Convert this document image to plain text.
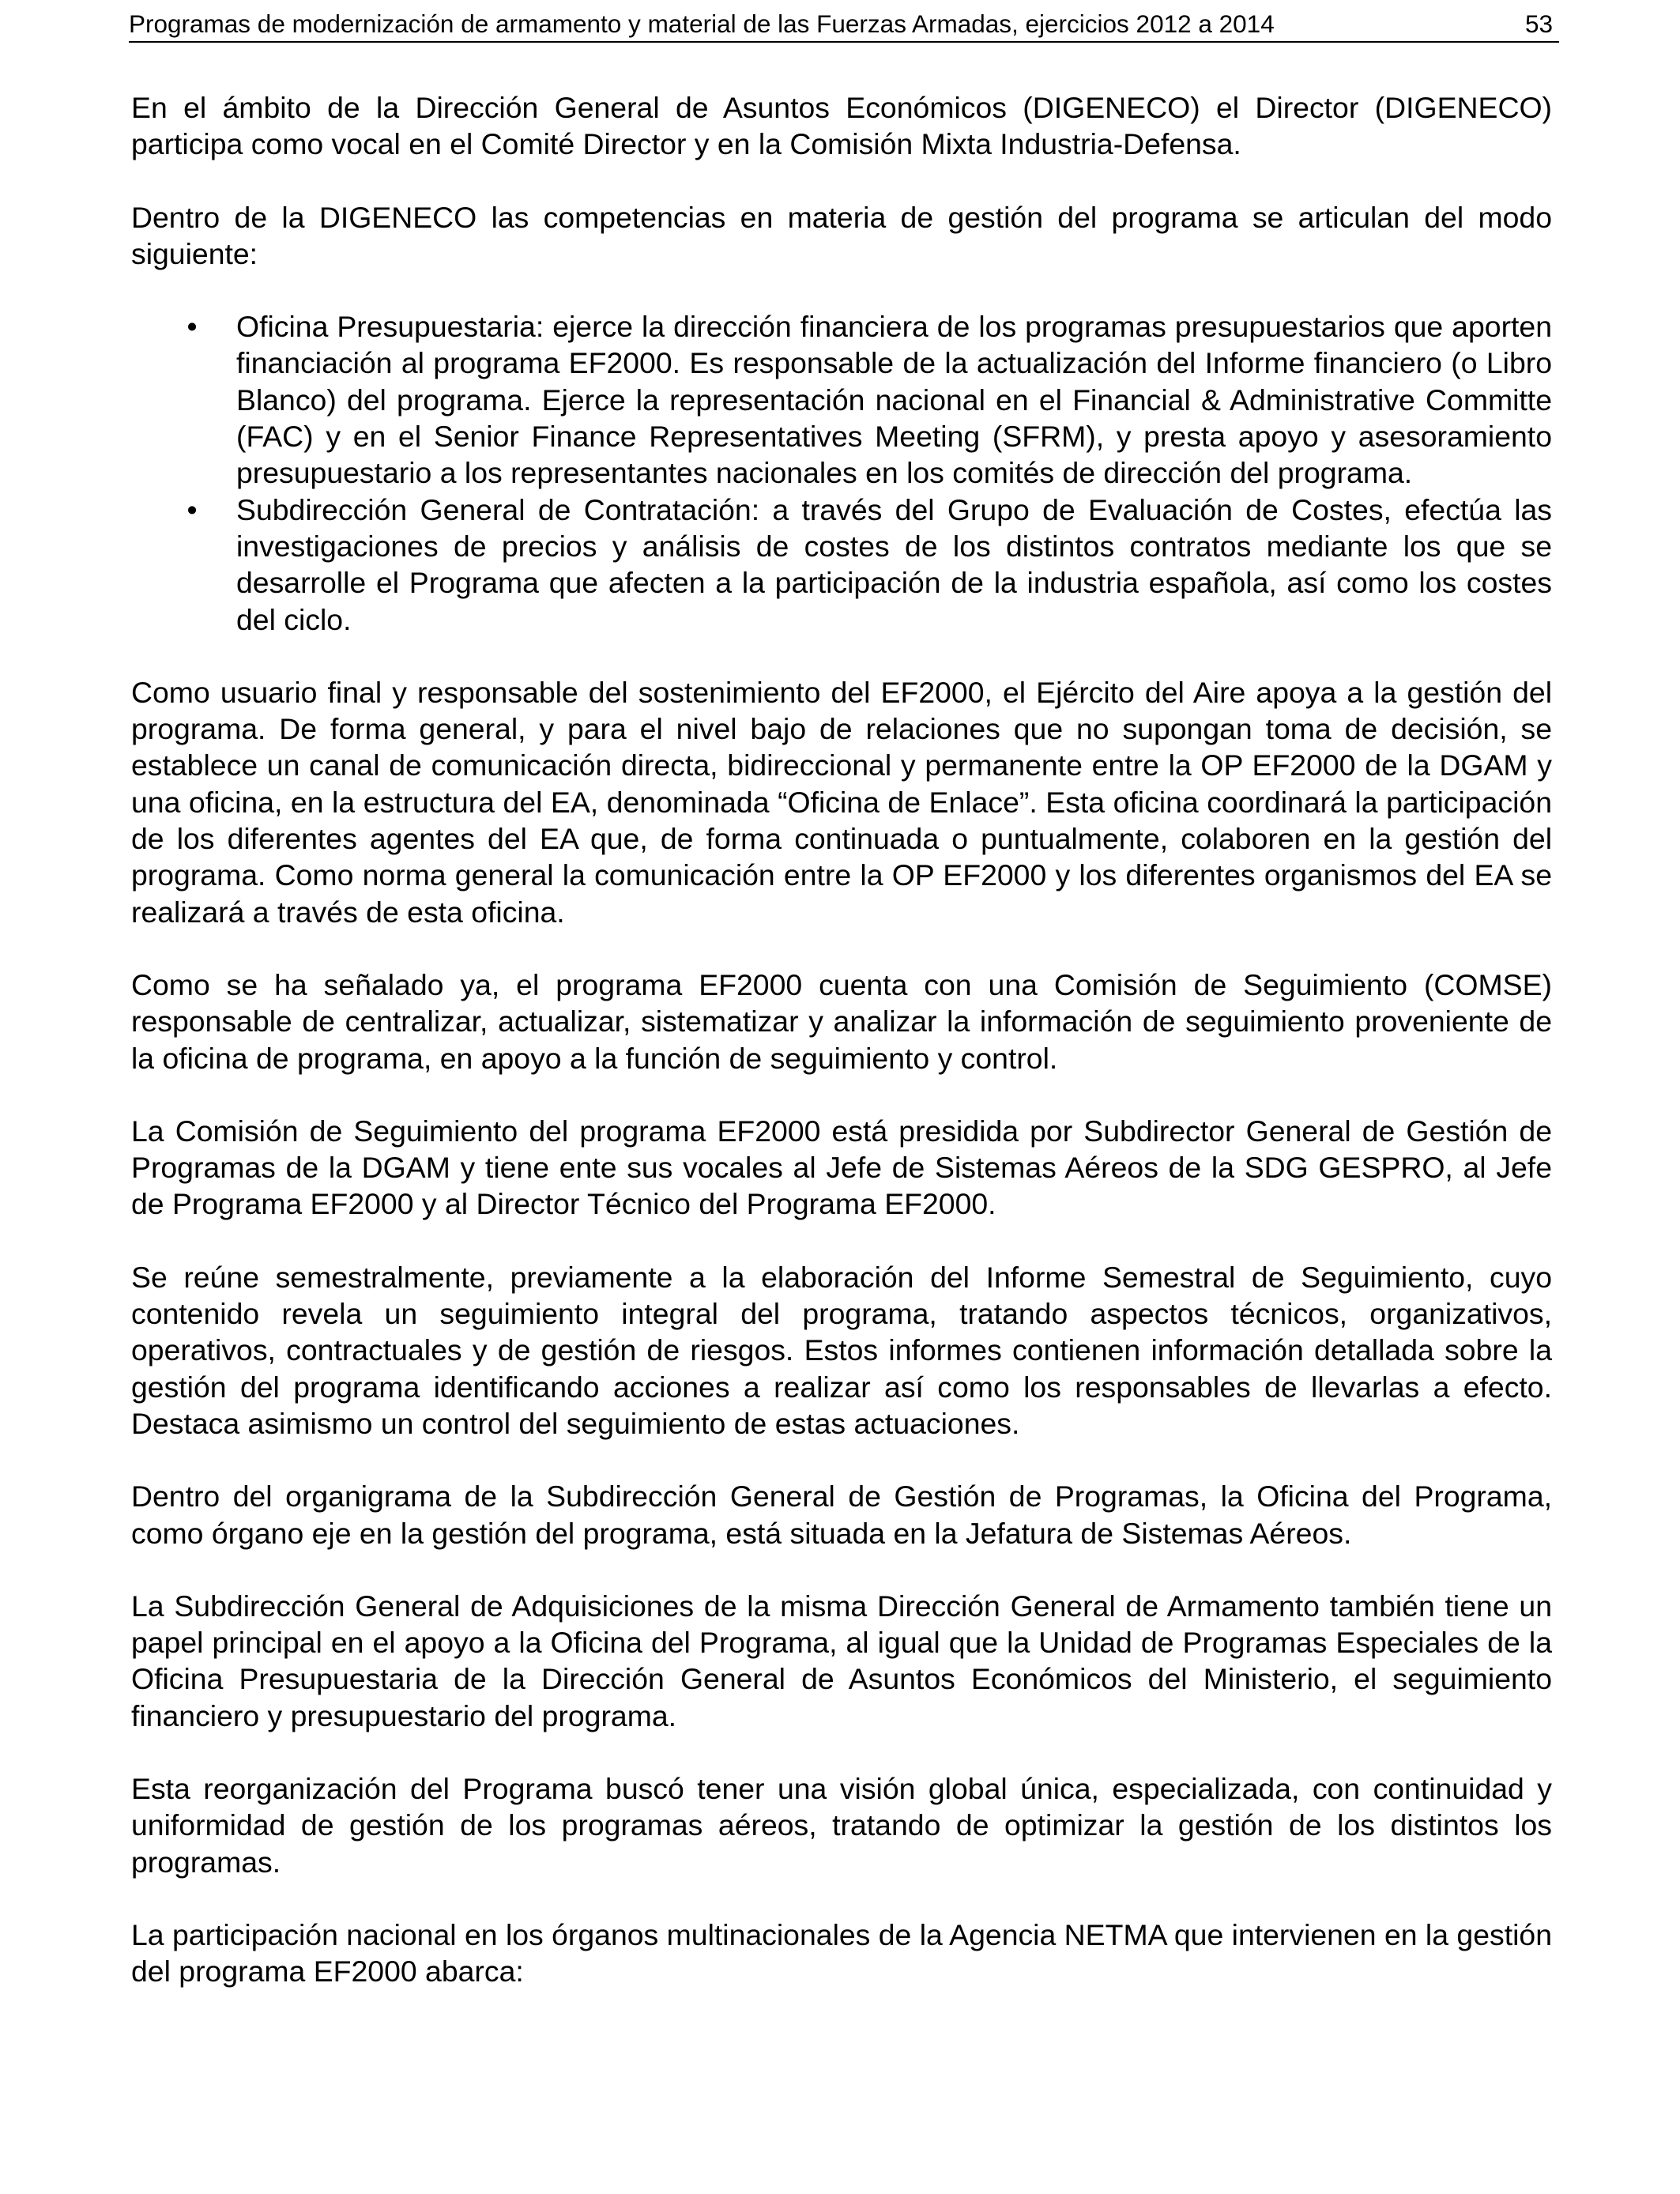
Programas de modernización de armamento y material de las Fuerzas Armadas, ejercicios 2012 a 2014	53

En el ámbito de la Dirección General de Asuntos Económicos (DIGENECO) el Director (DIGENECO) participa como vocal en el Comité Director y en la Comisión Mixta Industria-Defensa.

Dentro de la DIGENECO las competencias en materia de gestión del programa se articulan del modo siguiente:

• Oficina Presupuestaria: ejerce la dirección financiera de los programas presupuestarios que aporten financiación al programa EF2000. Es responsable de la actualización del Informe financiero (o Libro Blanco) del programa. Ejerce la representación nacional en el Financial & Administrative Committe (FAC) y en el Senior Finance Representatives Meeting (SFRM), y presta apoyo y asesoramiento presupuestario a los representantes nacionales en los comités de dirección del programa.
• Subdirección General de Contratación: a través del Grupo de Evaluación de Costes, efectúa las investigaciones de precios y análisis de costes de los distintos contratos mediante los que se desarrolle el Programa que afecten a la participación de la industria española, así como los costes del ciclo.

Como usuario final y responsable del sostenimiento del EF2000, el Ejército del Aire apoya a la gestión del programa. De forma general, y para el nivel bajo de relaciones que no supongan toma de decisión, se establece un canal de comunicación directa, bidireccional y permanente entre la OP EF2000 de la DGAM y una oficina, en la estructura del EA, denominada “Oficina de Enlace”. Esta oficina coordinará la participación de los diferentes agentes del EA que, de forma continuada o puntualmente, colaboren en la gestión del programa. Como norma general la comunicación entre la OP EF2000 y los diferentes organismos del EA se realizará a través de esta oficina.

Como se ha señalado ya, el programa EF2000 cuenta con una Comisión de Seguimiento (COMSE) responsable de centralizar, actualizar, sistematizar y analizar la información de seguimiento proveniente de la oficina de programa, en apoyo a la función de seguimiento y control.

La Comisión de Seguimiento del programa EF2000 está presidida por Subdirector General de Gestión de Programas de la DGAM y tiene ente sus vocales al Jefe de Sistemas Aéreos de la SDG GESPRO, al Jefe de Programa EF2000 y al Director Técnico del Programa EF2000.

Se reúne semestralmente, previamente a la elaboración del Informe Semestral de Seguimiento, cuyo contenido revela un seguimiento integral del programa, tratando aspectos técnicos, organizativos, operativos, contractuales y de gestión de riesgos. Estos informes contienen información detallada sobre la gestión del programa identificando acciones a realizar así como los responsables de llevarlas a efecto. Destaca asimismo un control del seguimiento de estas actuaciones.

Dentro del organigrama de la Subdirección General de Gestión de Programas, la Oficina del Programa, como órgano eje en la gestión del programa, está situada en la Jefatura de Sistemas Aéreos.

La Subdirección General de Adquisiciones de la misma Dirección General de Armamento también tiene un papel principal en el apoyo a la Oficina del Programa, al igual que la Unidad de Programas Especiales de la Oficina Presupuestaria de la Dirección General de Asuntos Económicos del Ministerio, el seguimiento financiero y presupuestario del programa.

Esta reorganización del Programa buscó tener una visión global única, especializada, con continuidad y uniformidad de gestión de los programas aéreos, tratando de optimizar la gestión de los distintos los programas.

La participación nacional en los órganos multinacionales de la Agencia NETMA que intervienen en la gestión del programa EF2000 abarca:
